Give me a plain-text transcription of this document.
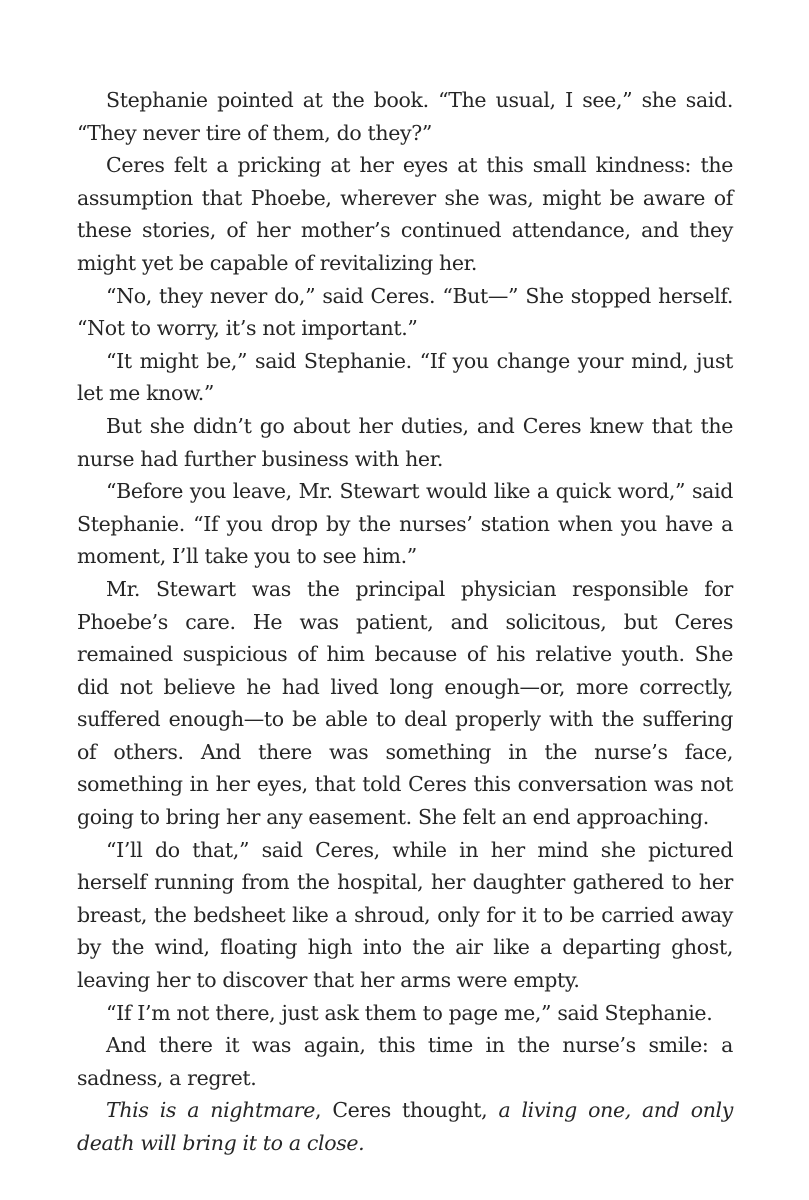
Stephanie pointed at the book. “The usual, I see,” she said. “They never tire of them, do they?”

Ceres felt a pricking at her eyes at this small kindness: the assumption that Phoebe, wherever she was, might be aware of these stories, of her mother’s continued attendance, and they might yet be capable of revitalizing her.

“No, they never do,” said Ceres. “But—” She stopped herself. “Not to worry, it’s not important.”

“It might be,” said Stephanie. “If you change your mind, just let me know.”

But she didn’t go about her duties, and Ceres knew that the nurse had further business with her.

“Before you leave, Mr. Stewart would like a quick word,” said Stephanie. “If you drop by the nurses’ station when you have a moment, I’ll take you to see him.”

Mr. Stewart was the principal physician responsible for Phoebe’s care. He was patient, and solicitous, but Ceres remained suspicious of him because of his relative youth. She did not believe he had lived long enough—or, more correctly, suffered enough—to be able to deal properly with the suffering of others. And there was something in the nurse’s face, something in her eyes, that told Ceres this conversation was not going to bring her any easement. She felt an end approaching.

“I’ll do that,” said Ceres, while in her mind she pictured herself running from the hospital, her daughter gathered to her breast, the bedsheet like a shroud, only for it to be carried away by the wind, floating high into the air like a departing ghost, leaving her to discover that her arms were empty.

“If I’m not there, just ask them to page me,” said Stephanie.

And there it was again, this time in the nurse’s smile: a sadness, a regret.

This is a nightmare, Ceres thought, a living one, and only death will bring it to a close.
